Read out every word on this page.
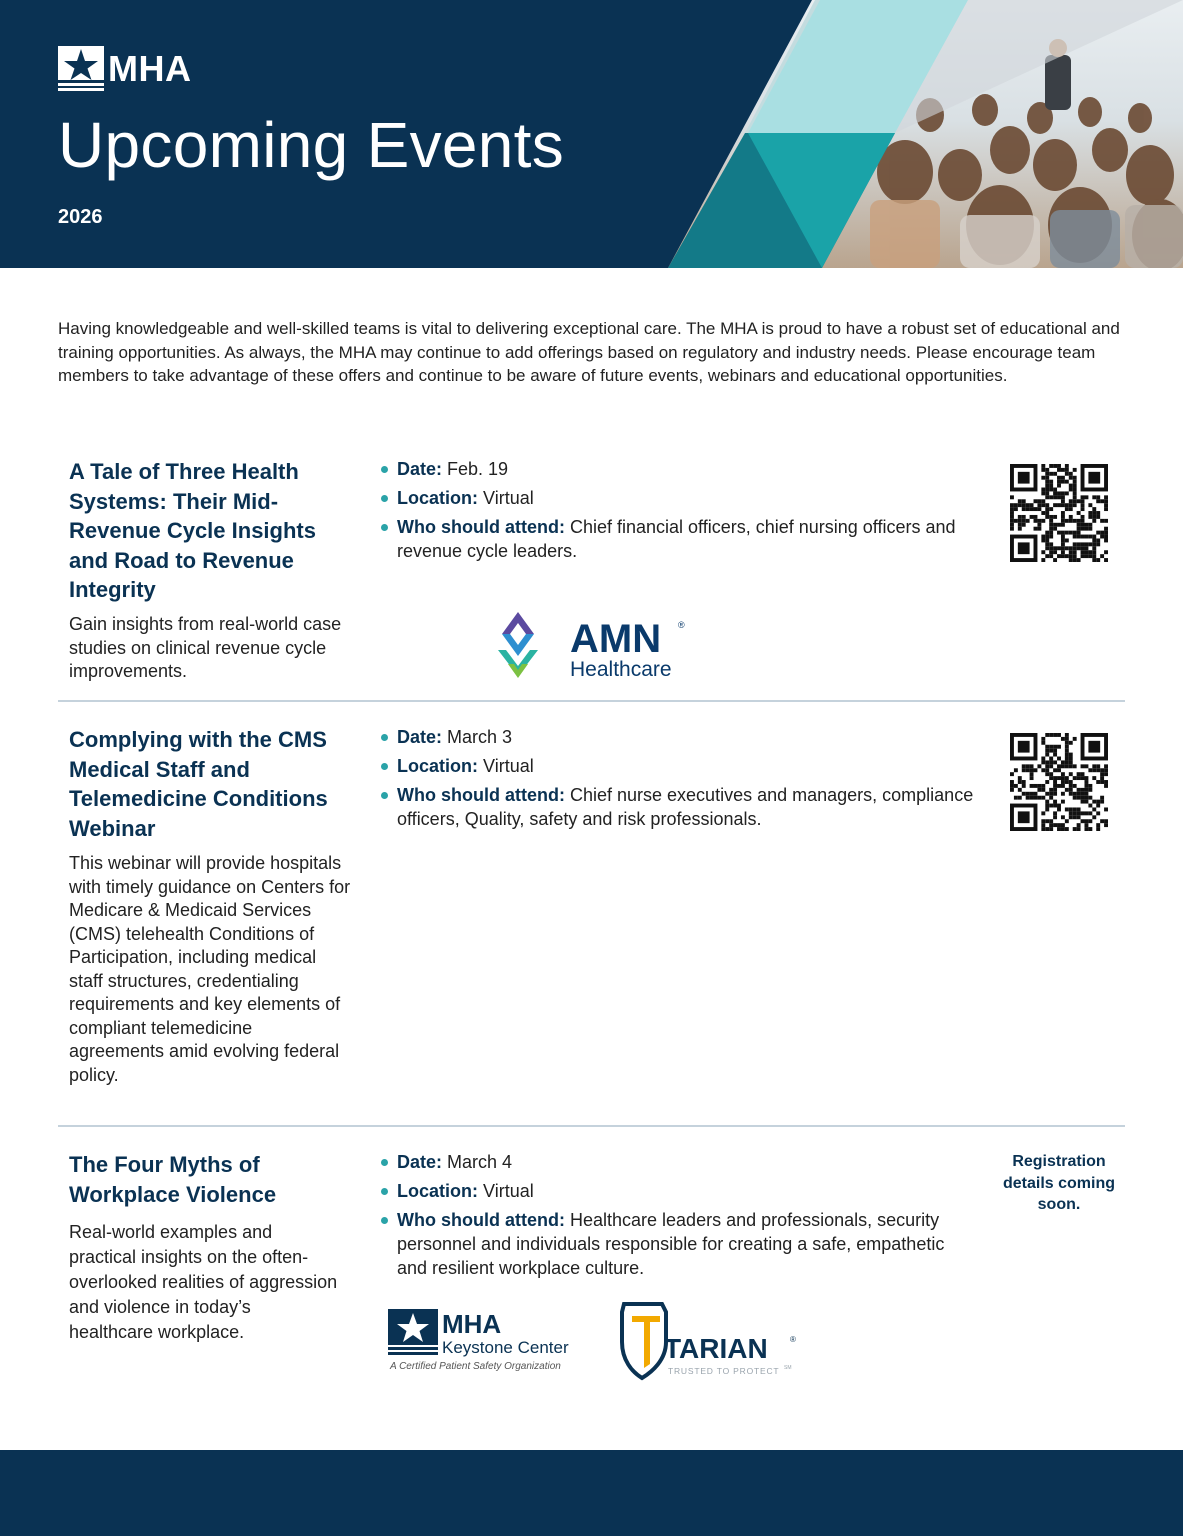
MHA
Upcoming Events
2026

Having knowledgeable and well-skilled teams is vital to delivering exceptional care. The MHA is proud to have a robust set of educational and training opportunities. As always, the MHA may continue to add offerings based on regulatory and industry needs. Please encourage team members to take advantage of these offers and continue to be aware of future events, webinars and educational opportunities.

A Tale of Three Health Systems: Their Mid-Revenue Cycle Insights and Road to Revenue Integrity
Gain insights from real-world case studies on clinical revenue cycle improvements.
Date: Feb. 19
Location: Virtual
Who should attend: Chief financial officers, chief nursing officers and revenue cycle leaders.
AMN ®
Healthcare
Complying with the CMS Medical Staff and Telemedicine Conditions Webinar
This webinar will provide hospitals with timely guidance on Centers for Medicare & Medicaid Services (CMS) telehealth Conditions of Participation, including medical staff structures, credentialing requirements and key elements of compliant telemedicine agreements amid evolving federal policy.
Date: March 3
Location: Virtual
Who should attend: Chief nurse executives and managers, compliance officers, Quality, safety and risk professionals.
The Four Myths of Workplace Violence
Real-world examples and practical insights on the often-overlooked realities of aggression and violence in today’s healthcare workplace.
Date: March 4
Location: Virtual
Who should attend: Healthcare leaders and professionals, security personnel and individuals responsible for creating a safe, empathetic and resilient workplace culture.
Registration details coming soon.
MHA
Keystone Center
A Certified Patient Safety Organization
TARIAN	®
TRUSTED TO PROTECT SM
